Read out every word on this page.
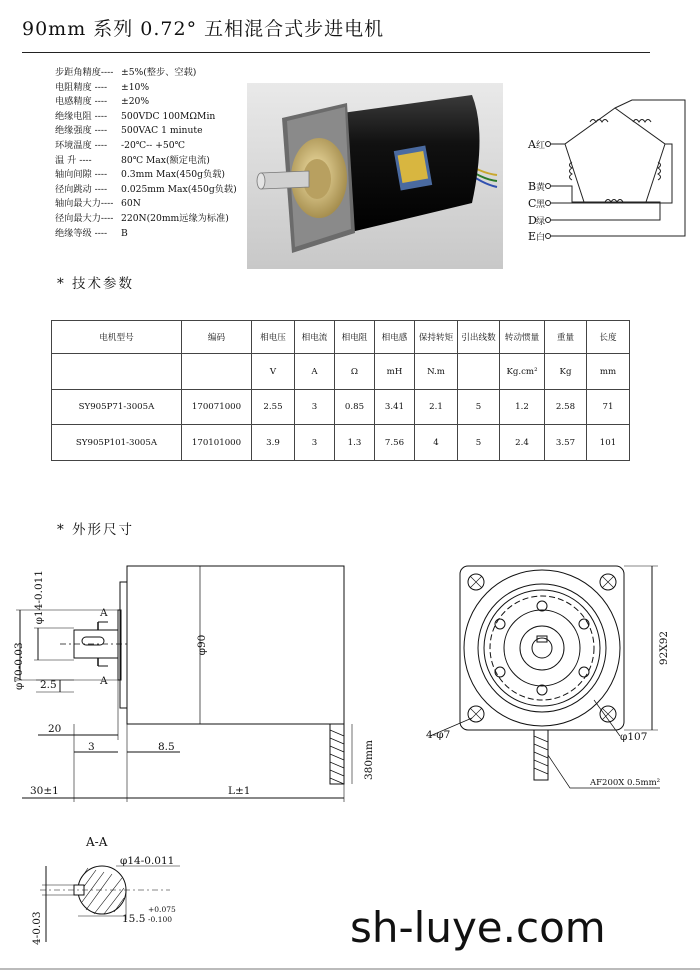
90mm 系列 0.72° 五相混合式步进电机
步距角精度---- ±5%(整步、空载)
电阻精度 ----	±10%
电感精度 ----	±20%
绝缘电阻 ----	500VDC 100MΩMin
绝缘强度 ----	500VAC 1 minute
环境温度 ----	-20℃-- +50℃
温 升 ----	80℃ Max(额定电流)
轴向间隙 ----	0.3mm Max(450g负载)
径向跳动 ----	0.025mm Max(450g负载)
轴向最大力---- 60N
径向最大力---- 220N(20mm远缘为标准)
绝缘等级 ----	B
* 技术参数
A 红
B 黄
C 黑
D 绿
E 白
电机型号	编码	相电压	相电流	相电阻	相电感	保持转矩	引出线数	转动惯量	重量	长度
		V	A	Ω	mH	N.m		Kg.cm²	Kg	mm
SY905P71-3005A	170071000	2.55	3	0.85	3.41	2.1	5	1.2	2.58	71
SY905P101-3005A	170101000	3.9	3	1.3	7.56	4	5	2.4	3.57	101
* 外形尺寸
φ14-0.011
φ70-0.03	φ90
2.5
20
3	8.5	380mm
30±1	L±1
A
A
92X92
4-φ7	φ107
AF200X 0.5mm²
A-A
φ14-0.011
15.5
+0.075
-0.100
4-0.03	sh-luye.com
